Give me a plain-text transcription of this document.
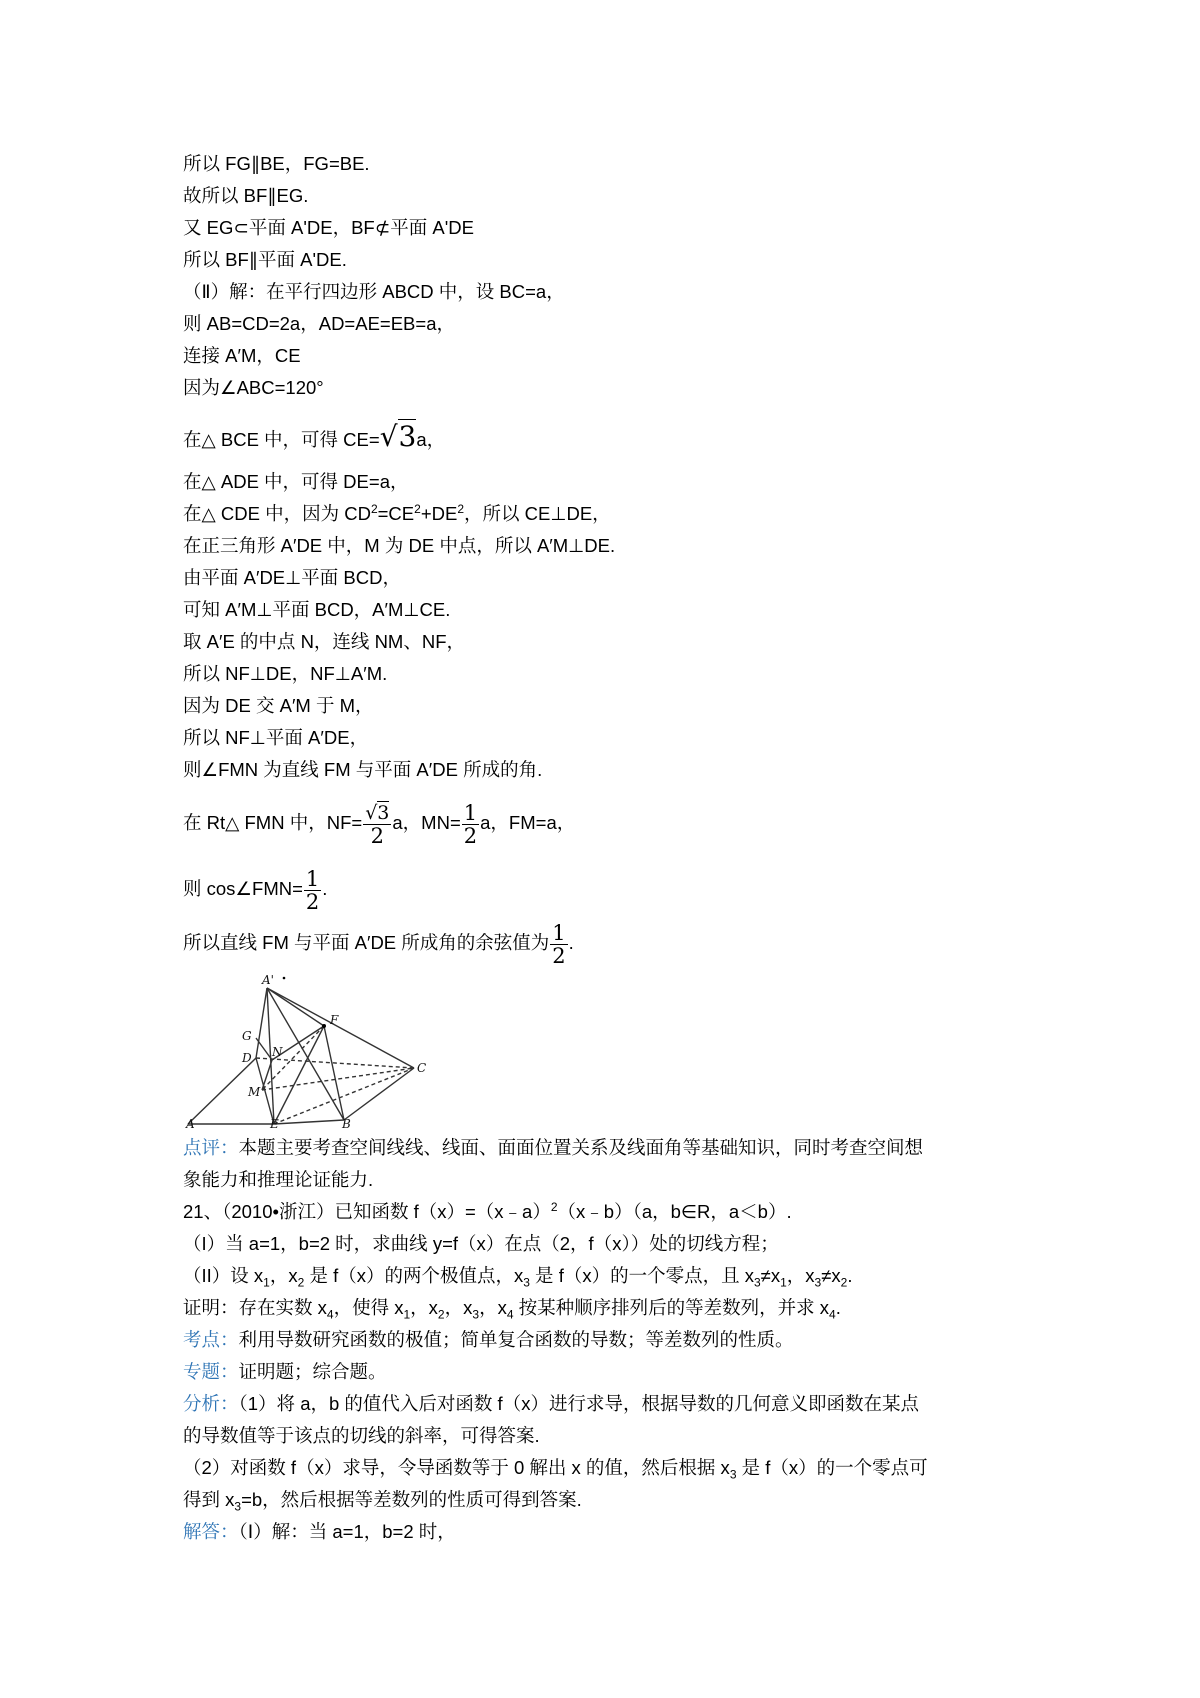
所以 FG∥BE，FG=BE.
故所以 BF∥EG.
又 EG⊂平面 A'DE，BF⊄平面 A'DE
所以 BF∥平面 A'DE.
（Ⅱ）解：在平行四边形 ABCD 中，设 BC=a，
则 AB=CD=2a，AD=AE=EB=a，
连接 A′M，CE
因为∠ABC=120°
在△ BCE 中，可得 CE=√3a，
在△ ADE 中，可得 DE=a，
在△ CDE 中，因为 $CD^2=CE^2+DE^2$，所以 CE⊥DE，
在正三角形 A′DE 中，M 为 DE 中点，所以 A′M⊥DE.
由平面 A′DE⊥平面 BCD，
可知 A′M⊥平面 BCD，A′M⊥CE.
取 A′E 的中点 N，连线 NM、NF，
所以 NF⊥DE，NF⊥A′M.
因为 DE 交 A′M 于 M，
所以 NF⊥平面 A′DE，
则∠FMN 为直线 FM 与平面 A′DE 所成的角.
在 Rt△ FMN 中，$NF= \frac{√3}{2}$ a，$MN= \frac{1}{2}$ a，FM=a，
则 cos∠FMN= $\frac{1}{2}$ .
所以直线 FM 与平面 A′DE 所成角的余弦值为 $\frac{1}{2}$ .
A'
G
D N
M
F
C
A	E	B
点评：本题主要考查空间线线、线面、面面位置关系及线面角等基础知识，同时考查空间想
象能力和推理论证能力.
21、（2010•浙江）已知函数 f（x）=（x﹣a）$^2$（x﹣b）（a，b∈R，a＜b）.
（I）当 a=1，b=2 时，求曲线 y=f（x）在点（2，f（x））处的切线方程；
（II）设 $x_1$，$x_2$ 是 f（x）的两个极值点，$x_3$ 是 f（x）的一个零点，且 $x_3\ne x_1$，$x_3\ne x_2$.
证明：存在实数 $x_4$，使得 $x_1$，$x_2$，$x_3$，$x_4$ 按某种顺序排列后的等差数列，并求 $x_4$.
考点：利用导数研究函数的极值；简单复合函数的导数；等差数列的性质。
专题：证明题；综合题。
分析：（1）将 a，b 的值代入后对函数 f（x）进行求导，根据导数的几何意义即函数在某点
的导数值等于该点的切线的斜率，可得答案.
（2）对函数 f（x）求导，令导函数等于 0 解出 x 的值，然后根据 $x_3$ 是 f（x）的一个零点可
得到 $x_3=b$，然后根据等差数列的性质可得到答案.
解答：（Ⅰ）解：当 a=1，b=2 时，
